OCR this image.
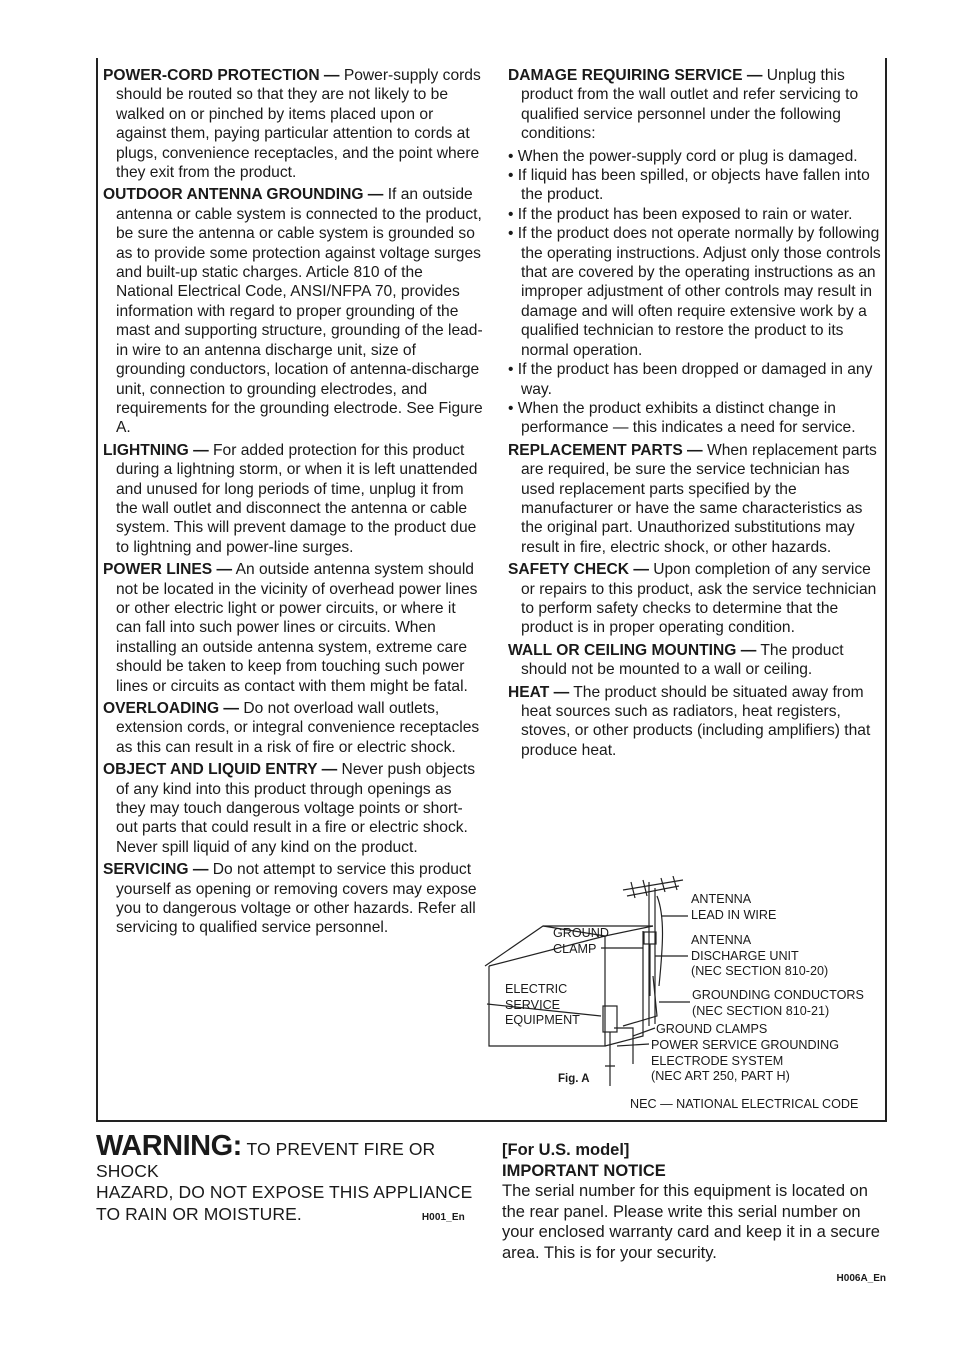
POWER-CORD PROTECTION — Power-supply cords should be routed so that they are not likely to be walked on or pinched by items placed upon or against them, paying particular attention to cords at plugs, convenience receptacles, and the point where they exit from the product.

OUTDOOR ANTENNA GROUNDING — If an outside antenna or cable system is connected to the product, be sure the antenna or cable system is grounded so as to provide some protection against voltage surges and built-up static charges. Article 810 of the National Electrical Code, ANSI/NFPA 70, provides information with regard to proper grounding of the mast and supporting structure, grounding of the lead-in wire to an antenna discharge unit, size of grounding conductors, location of antenna-discharge unit, connection to grounding electrodes, and requirements for the grounding electrode. See Figure A.

LIGHTNING — For added protection for this product during a lightning storm, or when it is left unattended and unused for long periods of time, unplug it from the wall outlet and disconnect the antenna or cable system. This will prevent damage to the product due to lightning and power-line surges.

POWER LINES — An outside antenna system should not be located in the vicinity of overhead power lines or other electric light or power circuits, or where it can fall into such power lines or circuits. When installing an outside antenna system, extreme care should be taken to keep from touching such power lines or circuits as contact with them might be fatal.

OVERLOADING — Do not overload wall outlets, extension cords, or integral convenience receptacles as this can result in a risk of fire or electric shock.

OBJECT AND LIQUID ENTRY — Never push objects of any kind into this product through openings as they may touch dangerous voltage points or short-out parts that could result in a fire or electric shock. Never spill liquid of any kind on the product.

SERVICING — Do not attempt to service this product yourself as opening or removing covers may expose you to dangerous voltage or other hazards. Refer all servicing to qualified service personnel.

DAMAGE REQUIRING SERVICE — Unplug this product from the wall outlet and refer servicing to qualified service personnel under the following conditions:

• When the power-supply cord or plug is damaged.
• If liquid has been spilled, or objects have fallen into the product.
• If the product has been exposed to rain or water.
• If the product does not operate normally by following the operating instructions. Adjust only those controls that are covered by the operating instructions as an improper adjustment of other controls may result in damage and will often require extensive work by a qualified technician to restore the product to its normal operation.
• If the product has been dropped or damaged in any way.
• When the product exhibits a distinct change in performance — this indicates a need for service.

REPLACEMENT PARTS — When replacement parts are required, be sure the service technician has used replacement parts specified by the manufacturer or have the same characteristics as the original part. Unauthorized substitutions may result in fire, electric shock, or other hazards.

SAFETY CHECK — Upon completion of any service or repairs to this product, ask the service technician to perform safety checks to determine that the product is in proper operating condition.

WALL OR CEILING MOUNTING — The product should not be mounted to a wall or ceiling.

HEAT — The product should be situated away from heat sources such as radiators, heat registers, stoves, or other products (including amplifiers) that produce heat.

ANTENNA
LEAD IN WIRE
GROUND
CLAMP
ANTENNA
DISCHARGE UNIT
(NEC SECTION 810-20)
ELECTRIC
SERVICE
EQUIPMENT
GROUNDING CONDUCTORS
(NEC SECTION 810-21)
GROUND CLAMPS
POWER SERVICE GROUNDING
ELECTRODE SYSTEM
(NEC ART 250, PART H)
Fig. A
NEC — NATIONAL ELECTRICAL CODE
WARNING: TO PREVENT FIRE OR SHOCK
HAZARD, DO NOT EXPOSE THIS APPLIANCE
TO RAIN OR MOISTURE.	H001_En
[For U.S. model]
IMPORTANT NOTICE
The serial number for this equipment is located on the rear panel. Please write this serial number on your enclosed warranty card and keep it in a secure area. This is for your security.
H006A_En
